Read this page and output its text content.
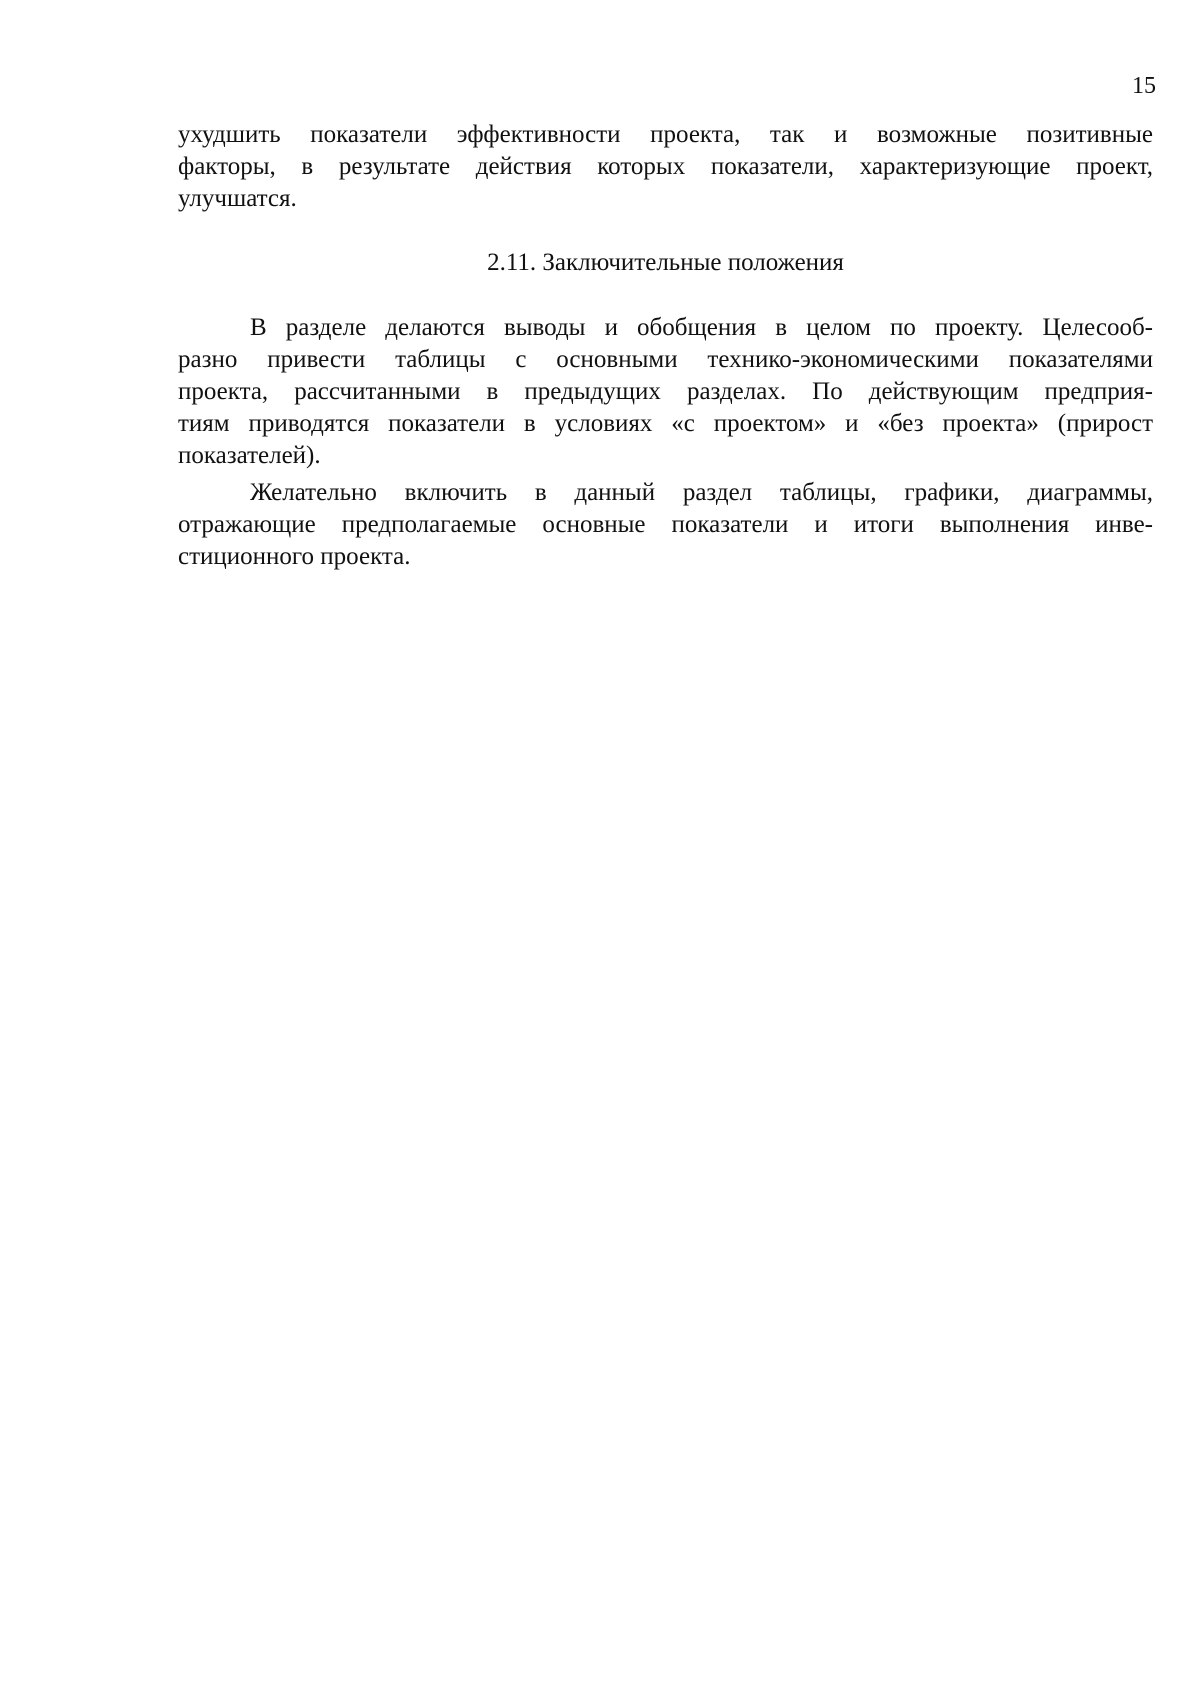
15
ухудшить показатели эффективности проекта, так и возможные позитивные
факторы, в результате действия которых показатели, характеризующие проект,
улучшатся.
2.11. Заключительные положения
В разделе делаются выводы и обобщения в целом по проекту. Целесооб-
разно привести таблицы с основными технико-экономическими показателями
проекта, рассчитанными в предыдущих разделах. По действующим предприя-
тиям приводятся показатели в условиях «с проектом» и «без проекта» (прирост
показателей).
Желательно включить в данный раздел таблицы, графики, диаграммы,
отражающие предполагаемые основные показатели и итоги выполнения инве-
стиционного проекта.
